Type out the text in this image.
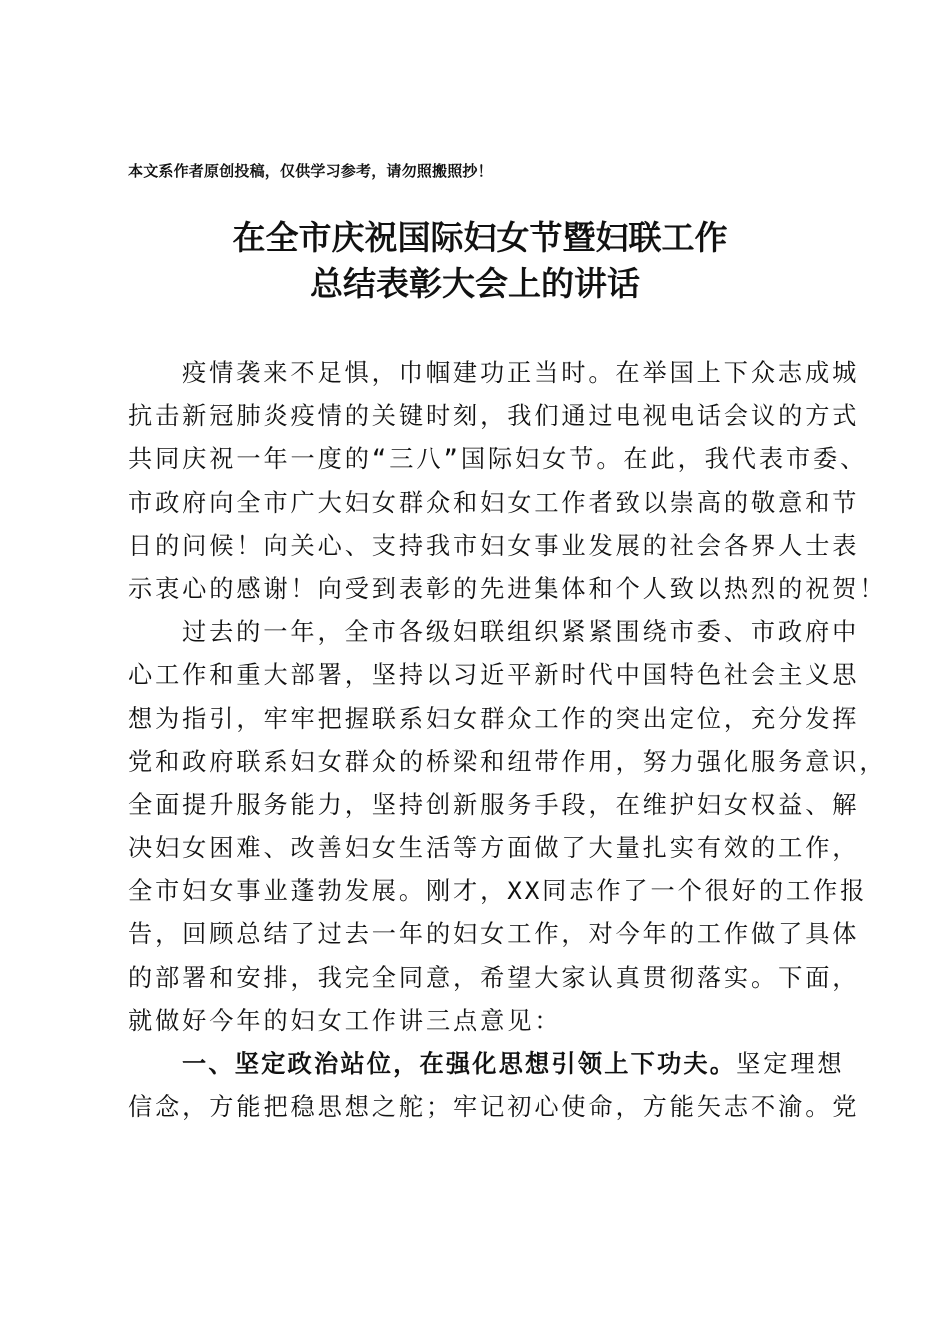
本文系作者原创投稿，仅供学习参考，请勿照搬照抄！
在全市庆祝国际妇女节暨妇联工作
总结表彰大会上的讲话
疫情袭来不足惧，巾帼建功正当时。在举国上下众志成城
抗击新冠肺炎疫情的关键时刻，我们通过电视电话会议的方式
共同庆祝一年一度的“三八”国际妇女节。在此，我代表市委、
市政府向全市广大妇女群众和妇女工作者致以崇高的敬意和节
日的问候！向关心、支持我市妇女事业发展的社会各界人士表
示衷心的感谢！向受到表彰的先进集体和个人致以热烈的祝贺！
过去的一年，全市各级妇联组织紧紧围绕市委、市政府中
心工作和重大部署，坚持以习近平新时代中国特色社会主义思
想为指引，牢牢把握联系妇女群众工作的突出定位，充分发挥
党和政府联系妇女群众的桥梁和纽带作用，努力强化服务意识，
全面提升服务能力，坚持创新服务手段，在维护妇女权益、解
决妇女困难、改善妇女生活等方面做了大量扎实有效的工作，
全市妇女事业蓬勃发展。刚才，XX同志作了一个很好的工作报
告，回顾总结了过去一年的妇女工作，对今年的工作做了具体
的部署和安排，我完全同意，希望大家认真贯彻落实。下面，
就做好今年的妇女工作讲三点意见：
一、坚定政治站位，在强化思想引领上下功夫。坚定理想
信念，方能把稳思想之舵；牢记初心使命，方能矢志不渝。党
